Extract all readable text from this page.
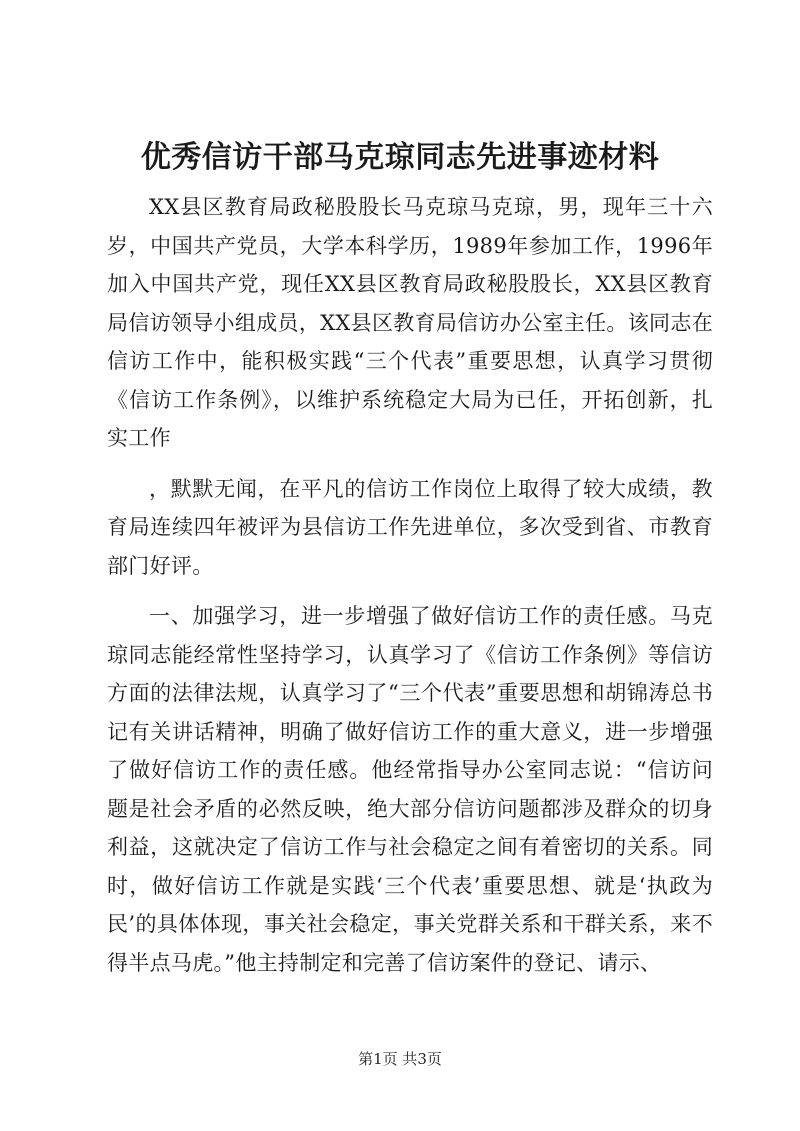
优秀信访干部马克琼同志先进事迹材料

XX县区教育局政秘股股长马克琼马克琼，男，现年三十六岁，中国共产党员，大学本科学历，1989年参加工作，1996年加入中国共产党，现任XX县区教育局政秘股股长，XX县区教育局信访领导小组成员，XX县区教育局信访办公室主任。该同志在信访工作中，能积极实践“三个代表”重要思想，认真学习贯彻《信访工作条例》，以维护系统稳定大局为已任，开拓创新，扎实工作

，默默无闻，在平凡的信访工作岗位上取得了较大成绩，教育局连续四年被评为县信访工作先进单位，多次受到省、市教育部门好评。

一、加强学习，进一步增强了做好信访工作的责任感。马克琼同志能经常性坚持学习，认真学习了《信访工作条例》等信访方面的法律法规，认真学习了“三个代表”重要思想和胡锦涛总书记有关讲话精神，明确了做好信访工作的重大意义，进一步增强了做好信访工作的责任感。他经常指导办公室同志说：“信访问题是社会矛盾的必然反映，绝大部分信访问题都涉及群众的切身利益，这就决定了信访工作与社会稳定之间有着密切的关系。同时，做好信访工作就是实践‘三个代表’重要思想、就是‘执政为民’的具体体现，事关社会稳定，事关党群关系和干群关系，来不得半点马虎。”他主持制定和完善了信访案件的登记、请示、

第1页 共3页
